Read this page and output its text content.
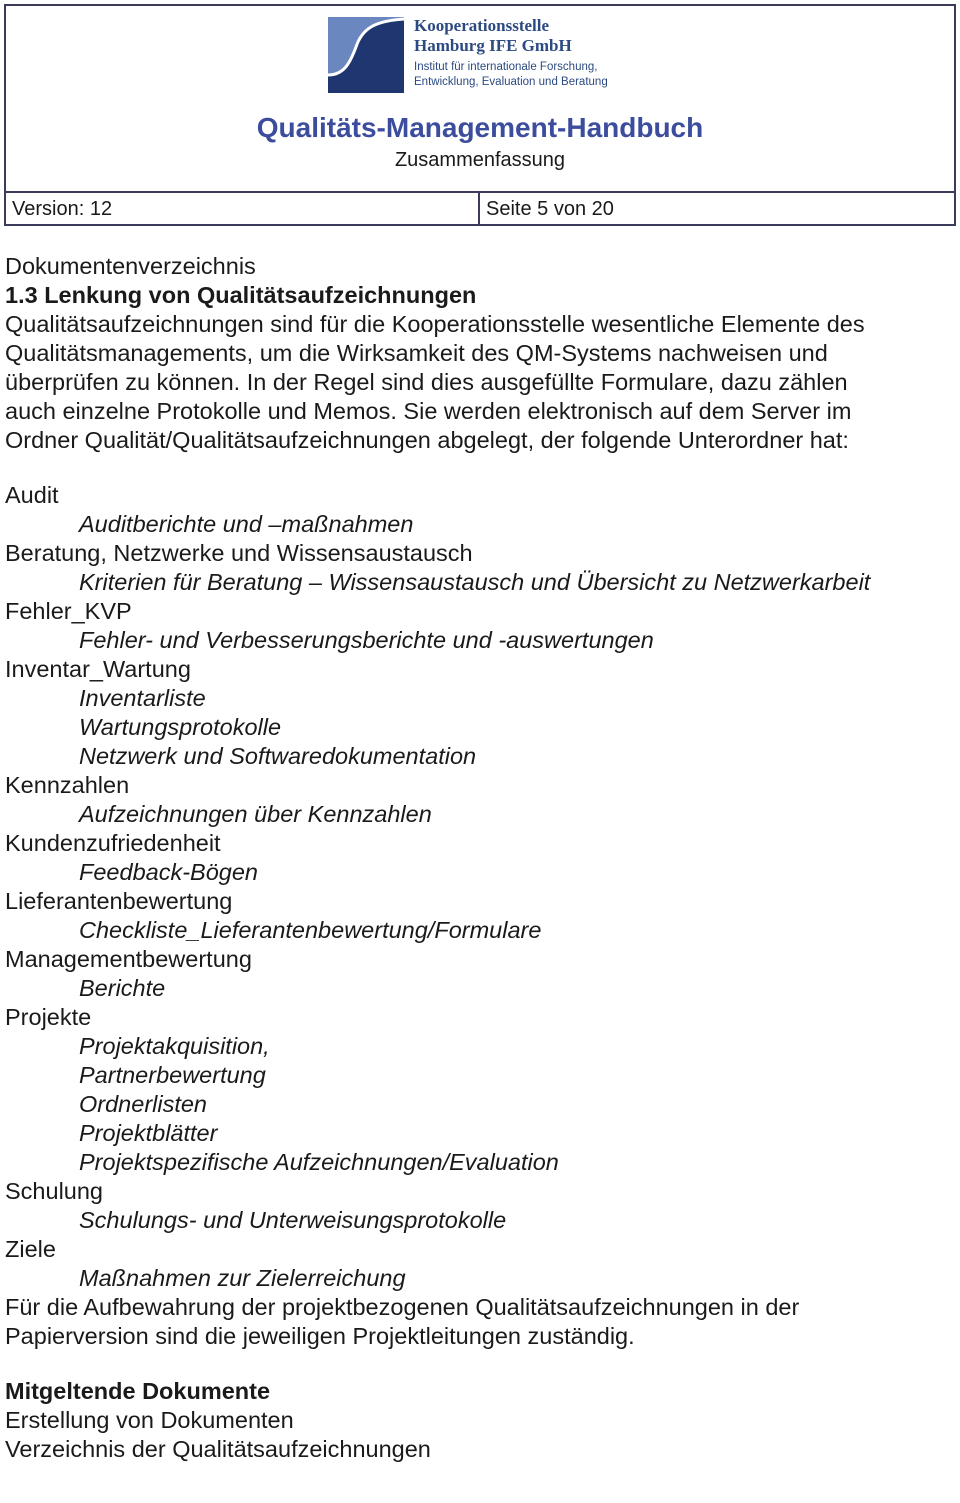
Kooperationsstelle
Hamburg IFE GmbH
Institut für internationale Forschung,
Entwicklung, Evaluation und Beratung
Qualitäts-Management-Handbuch
Zusammenfassung
Version: 12	Seite 5 von 20

Dokumentenverzeichnis

1.3 Lenkung von Qualitätsaufzeichnungen

Qualitätsaufzeichnungen sind für die Kooperationsstelle wesentliche Elemente des

Qualitätsmanagements, um die Wirksamkeit des QM-Systems nachweisen und

überprüfen zu können. In der Regel sind dies ausgefüllte Formulare, dazu zählen

auch einzelne Protokolle und Memos. Sie werden elektronisch auf dem Server im

Ordner Qualität/Qualitätsaufzeichnungen abgelegt, der folgende Unterordner hat:

Audit

Auditberichte und –maßnahmen

Beratung, Netzwerke und Wissensaustausch

Kriterien für Beratung – Wissensaustausch und Übersicht zu Netzwerkarbeit

Fehler_KVP

Fehler- und Verbesserungsberichte und -auswertungen

Inventar_Wartung

Inventarliste

Wartungsprotokolle

Netzwerk und Softwaredokumentation

Kennzahlen

Aufzeichnungen über Kennzahlen

Kundenzufriedenheit

Feedback-Bögen

Lieferantenbewertung

Checkliste_Lieferantenbewertung/Formulare

Managementbewertung

Berichte

Projekte

Projektakquisition,

Partnerbewertung

Ordnerlisten

Projektblätter

Projektspezifische Aufzeichnungen/Evaluation

Schulung

Schulungs- und Unterweisungsprotokolle

Ziele

Maßnahmen zur Zielerreichung

Für die Aufbewahrung der projektbezogenen Qualitätsaufzeichnungen in der

Papierversion sind die jeweiligen Projektleitungen zuständig.

Mitgeltende Dokumente

Erstellung von Dokumenten

Verzeichnis der Qualitätsaufzeichnungen
